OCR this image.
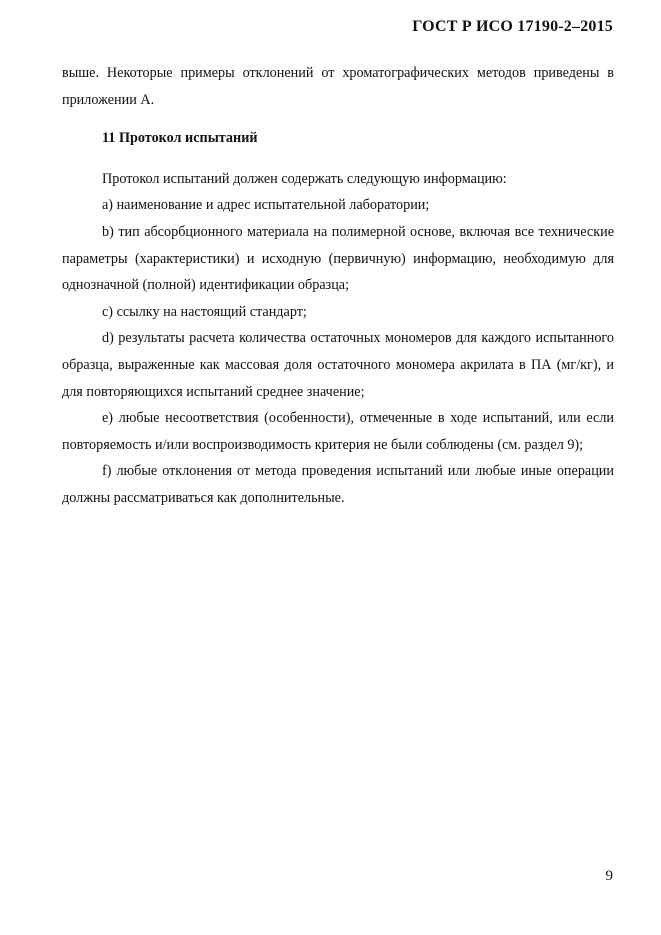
ГОСТ Р ИСО 17190-2–2015

выше. Некоторые примеры отклонений от хроматографических методов приведены в приложении А.

11 Протокол испытаний

Протокол испытаний должен содержать следующую информацию:

а) наименование и адрес испытательной лаборатории;

b) тип абсорбционного материала на полимерной основе, включая все технические параметры (характеристики) и исходную (первичную) информацию, необходимую для однозначной (полной) идентификации образца;

с) ссылку на настоящий стандарт;

d) результаты расчета количества остаточных мономеров для каждого испытанного образца, выраженные как массовая доля остаточного мономера акрилата в ПА (мг/кг), и для повторяющихся испытаний среднее значение;

е) любые несоответствия (особенности), отмеченные в ходе испытаний, или если повторяемость и/или воспроизводимость критерия не были соблюдены (см. раздел 9);

f) любые отклонения от метода проведения испытаний или любые иные операции должны рассматриваться как дополнительные.

9
